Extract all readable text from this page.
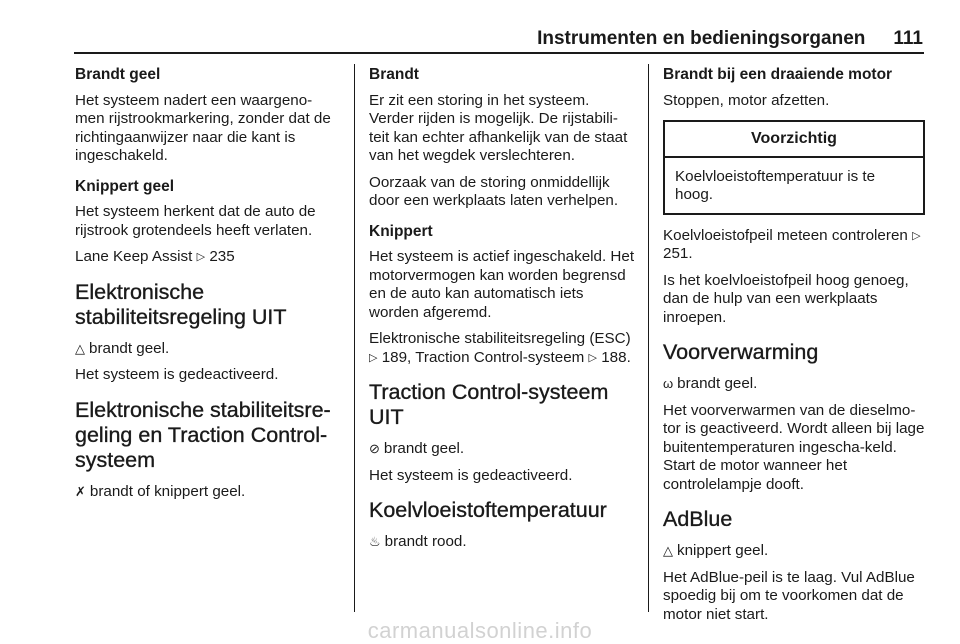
Instrumenten en bedieningsorganen 111
Brandt geel

Het systeem nadert een waargeno-men rijstrookmarkering, zonder dat de richtingaanwijzer naar die kant is ingeschakeld.

Knippert geel

Het systeem herkent dat de auto de rijstrook grotendeels heeft verlaten.

Lane Keep Assist ▷ 235

Elektronische stabiliteitsregeling UIT

△ brandt geel.

Het systeem is gedeactiveerd.

Elektronische stabiliteitsre-geling en Traction Control-systeem

✗ brandt of knippert geel.

Brandt

Er zit een storing in het systeem. Verder rijden is mogelijk. De rijstabili-teit kan echter afhankelijk van de staat van het wegdek verslechteren.

Oorzaak van de storing onmiddellijk door een werkplaats laten verhelpen.

Knippert

Het systeem is actief ingeschakeld. Het motorvermogen kan worden begrensd en de auto kan automatisch iets worden afgeremd.

Elektronische stabiliteitsregeling (ESC) ▷ 189, Traction Control-systeem ▷ 188.

Traction Control-systeem UIT

⊘ brandt geel.

Het systeem is gedeactiveerd.

Koelvloeistoftemperatuur

♨ brandt rood.

Brandt bij een draaiende motor

Stoppen, motor afzetten.

Voorzichtig
Koelvloeistoftemperatuur is te hoog.

Koelvloeistofpeil meteen controleren ▷ 251.

Is het koelvloeistofpeil hoog genoeg, dan de hulp van een werkplaats inroepen.

Voorverwarming

ω brandt geel.

Het voorverwarmen van de dieselmo-tor is geactiveerd. Wordt alleen bij lage buitentemperaturen ingescha-keld. Start de motor wanneer het controlelampje dooft.

AdBlue

△ knippert geel.

Het AdBlue-peil is te laag. Vul AdBlue spoedig bij om te voorkomen dat de motor niet start.

carmanualsonline.info
